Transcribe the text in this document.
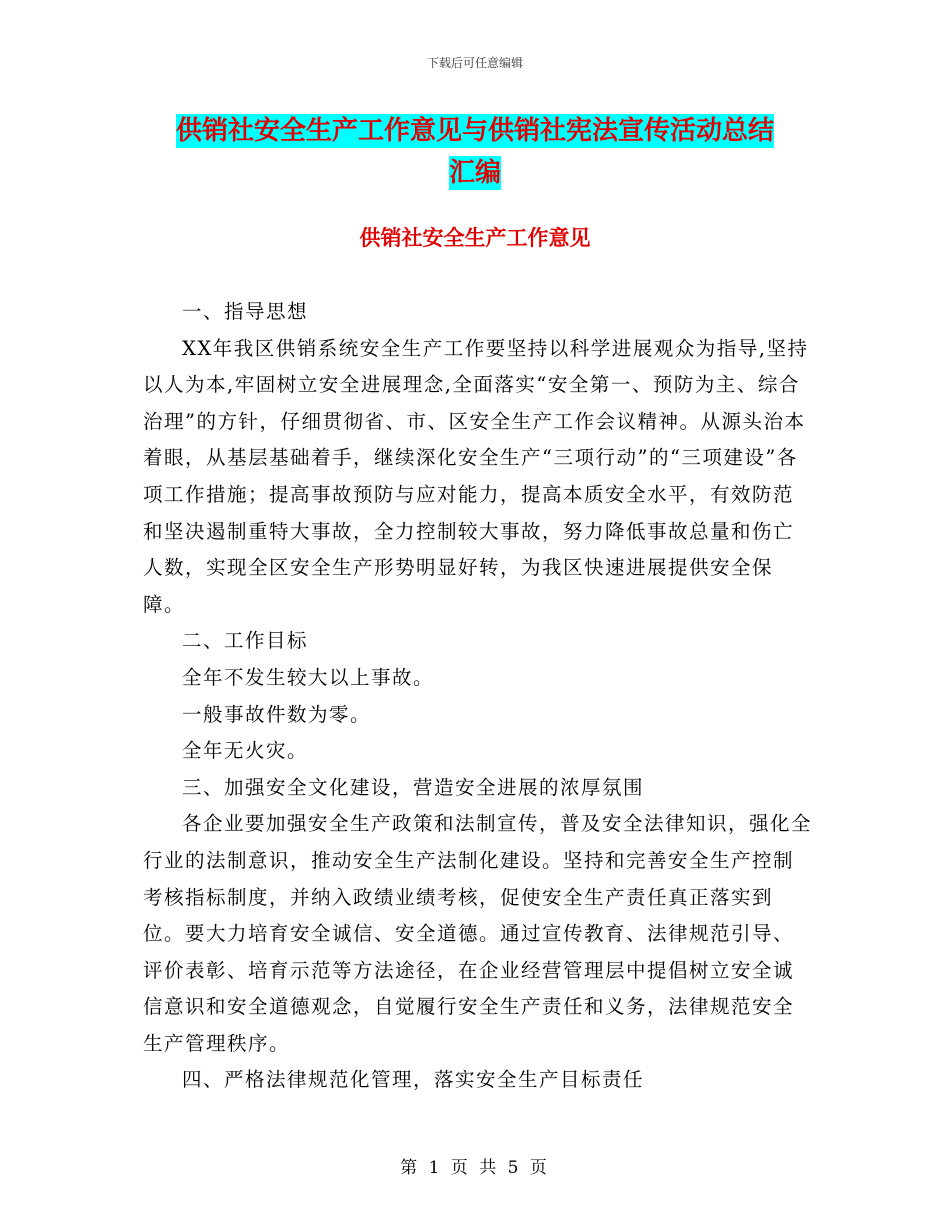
下载后可任意编辑
供销社安全生产工作意见与供销社宪法宣传活动总结
汇编
供销社安全生产工作意见

一、指导思想

XX年我区供销系统安全生产工作要坚持以科学进展观众为指导,坚持以人为本,牢固树立安全进展理念,全面落实“安全第一、预防为主、综合治理”的方针，仔细贯彻省、市、区安全生产工作会议精神。从源头治本着眼，从基层基础着手，继续深化安全生产“三项行动”的“三项建设”各项工作措施；提高事故预防与应对能力，提高本质安全水平，有效防范和坚决遏制重特大事故，全力控制较大事故，努力降低事故总量和伤亡人数，实现全区安全生产形势明显好转，为我区快速进展提供安全保障。

二、工作目标

全年不发生较大以上事故。

一般事故件数为零。

全年无火灾。

三、加强安全文化建设，营造安全进展的浓厚氛围

各企业要加强安全生产政策和法制宣传，普及安全法律知识，强化全行业的法制意识，推动安全生产法制化建设。坚持和完善安全生产控制考核指标制度，并纳入政绩业绩考核，促使安全生产责任真正落实到位。要大力培育安全诚信、安全道德。通过宣传教育、法律规范引导、评价表彰、培育示范等方法途径，在企业经营管理层中提倡树立安全诚信意识和安全道德观念，自觉履行安全生产责任和义务，法律规范安全生产管理秩序。

四、严格法律规范化管理，落实安全生产目标责任

第 1 页 共 5 页
